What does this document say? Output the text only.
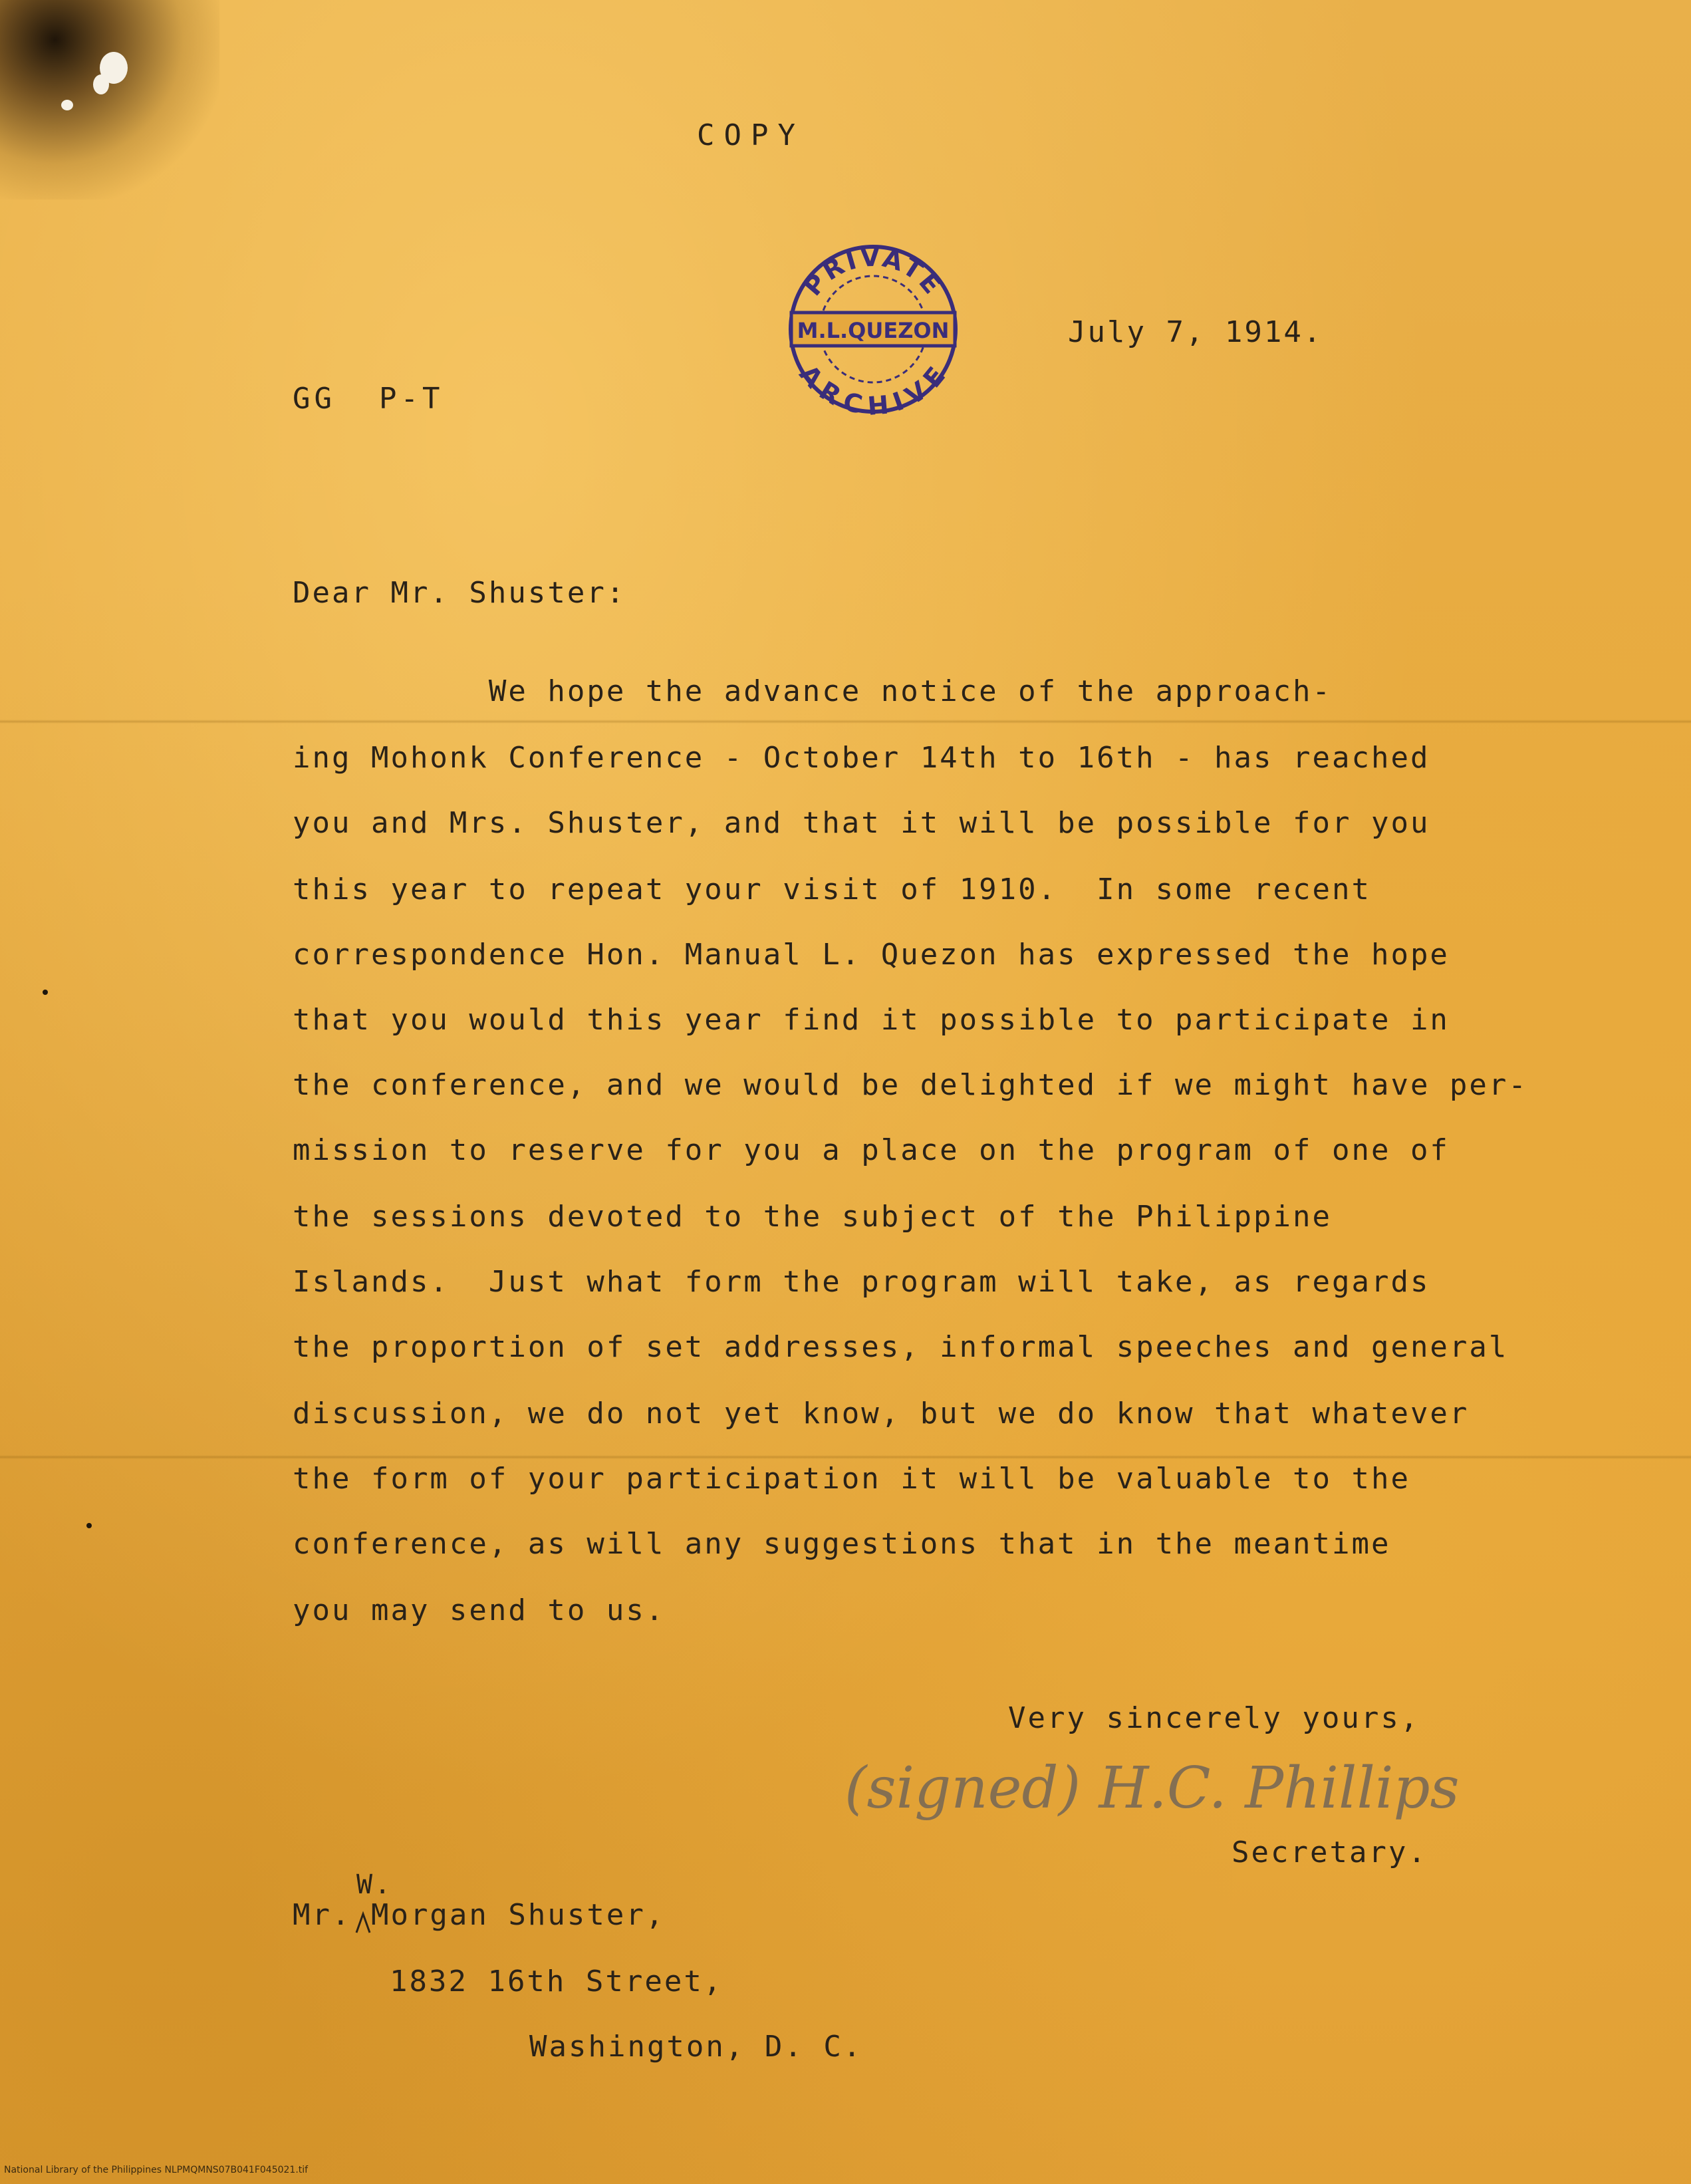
COPY
PRIVATE
M.L.QUEZON
ARCHIVE
July 7, 1914.
GG  P-T
Dear Mr. Shuster:
We hope the advance notice of the approach-
ing Mohonk Conference - October 14th to 16th - has reached
you and Mrs. Shuster, and that it will be possible for you
this year to repeat your visit of 1910.  In some recent
correspondence Hon. Manual L. Quezon has expressed the hope
that you would this year find it possible to participate in
the conference, and we would be delighted if we might have per-
mission to reserve for you a place on the program of one of
the sessions devoted to the subject of the Philippine
Islands.  Just what form the program will take, as regards
the proportion of set addresses, informal speeches and general
discussion, we do not yet know, but we do know that whatever
the form of your participation it will be valuable to the
conference, as will any suggestions that in the meantime
you may send to us.
Very sincerely yours,
(signed) H.C. Phillips
Secretary.
W.
Mr. Morgan Shuster,
1832 16th Street,
Washington, D. C.
National Library of the Philippines NLPMQMNS07B041F045021.tif
